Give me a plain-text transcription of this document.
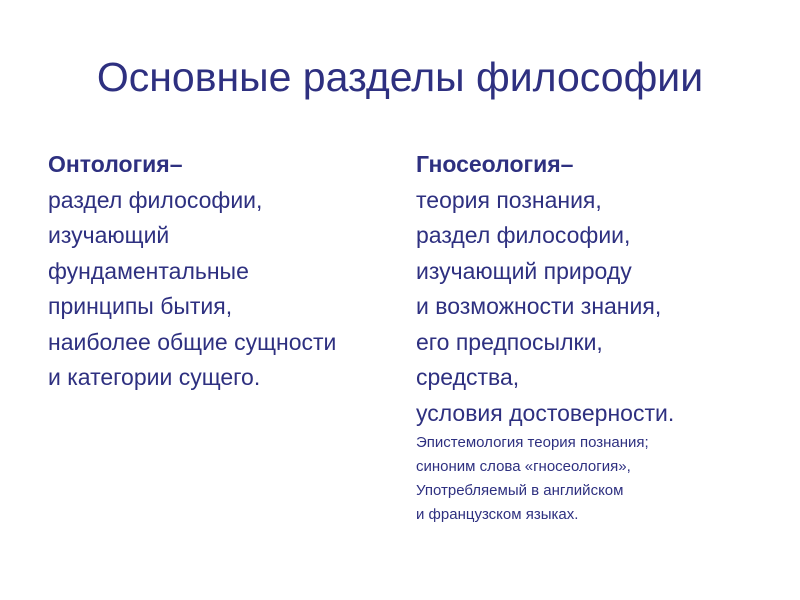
Основные разделы философии
Онтология–
раздел философии,
изучающий
фундаментальные
принципы бытия,
наиболее общие сущности
и категории сущего.
Гносеология–
теория познания,
раздел философии,
изучающий природу
и возможности знания,
его предпосылки,
средства,
условия достоверности.
Эпистемология теория познания;
синоним слова «гносеология»,
Употребляемый в английском
и французском языках.
